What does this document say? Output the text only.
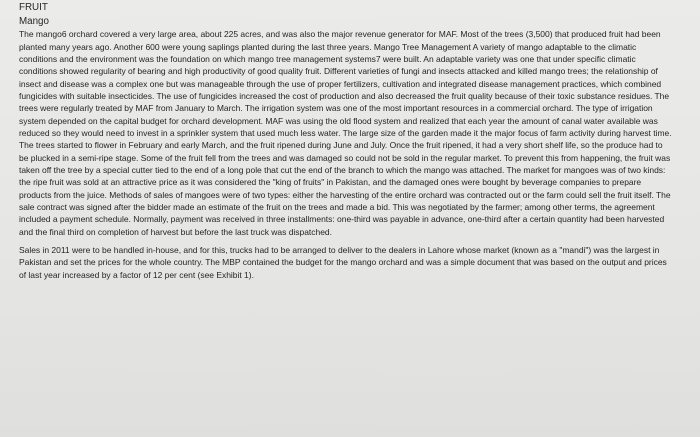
FRUIT

Mango

The mango6 orchard covered a very large area, about 225 acres, and was also the major revenue generator for MAF. Most of the trees (3,500) that produced fruit had been planted many years ago. Another 600 were young saplings planted during the last three years. Mango Tree Management A variety of mango adaptable to the climatic conditions and the environment was the foundation on which mango tree management systems7 were built. An adaptable variety was one that under specific climatic conditions showed regularity of bearing and high productivity of good quality fruit. Different varieties of fungi and insects attacked and killed mango trees; the relationship of insect and disease was a complex one but was manageable through the use of proper fertilizers, cultivation and integrated disease management practices, which combined fungicides with suitable insecticides. The use of fungicides increased the cost of production and also decreased the fruit quality because of their toxic substance residues. The trees were regularly treated by MAF from January to March. The irrigation system was one of the most important resources in a commercial orchard. The type of irrigation system depended on the capital budget for orchard development. MAF was using the old flood system and realized that each year the amount of canal water available was reduced so they would need to invest in a sprinkler system that used much less water. The large size of the garden made it the major focus of farm activity during harvest time. The trees started to flower in February and early March, and the fruit ripened during June and July. Once the fruit ripened, it had a very short shelf life, so the produce had to be plucked in a semi-ripe stage. Some of the fruit fell from the trees and was damaged so could not be sold in the regular market. To prevent this from happening, the fruit was taken off the tree by a special cutter tied to the end of a long pole that cut the end of the branch to which the mango was attached. The market for mangoes was of two kinds: the ripe fruit was sold at an attractive price as it was considered the "king of fruits" in Pakistan, and the damaged ones were bought by beverage companies to prepare products from the juice. Methods of sales of mangoes were of two types: either the harvesting of the entire orchard was contracted out or the farm could sell the fruit itself. The sale contract was signed after the bidder made an estimate of the fruit on the trees and made a bid. This was negotiated by the farmer; among other terms, the agreement included a payment schedule. Normally, payment was received in three installments: one-third was payable in advance, one-third after a certain quantity had been harvested and the final third on completion of harvest but before the last truck was dispatched.

Sales in 2011 were to be handled in-house, and for this, trucks had to be arranged to deliver to the dealers in Lahore whose market (known as a "mandi") was the largest in Pakistan and set the prices for the whole country. The MBP contained the budget for the mango orchard and was a simple document that was based on the output and prices of last year increased by a factor of 12 per cent (see Exhibit 1).
